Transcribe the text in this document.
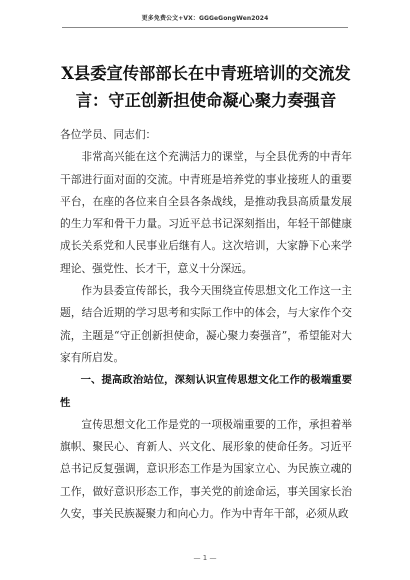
更多免费公文+VX：GGGeGongWen2024
X县委宣传部部长在中青班培训的交流发言：守正创新担使命凝心聚力奏强音

各位学员、同志们：

非常高兴能在这个充满活力的课堂，与全县优秀的中青年干部进行面对面的交流。中青班是培养党的事业接班人的重要平台，在座的各位来自全县各条战线，是推动我县高质量发展的生力军和骨干力量。习近平总书记深刻指出，年轻干部健康成长关系党和人民事业后继有人。这次培训，大家静下心来学理论、强党性、长才干，意义十分深远。

作为县委宣传部长，我今天围绕宣传思想文化工作这一主题，结合近期的学习思考和实际工作中的体会，与大家作个交流，主题是“守正创新担使命，凝心聚力奏强音”，希望能对大家有所启发。

一、提高政治站位，深刻认识宣传思想文化工作的极端重要性

宣传思想文化工作是党的一项极端重要的工作，承担着举旗帜、聚民心、育新人、兴文化、展形象的使命任务。习近平总书记反复强调，意识形态工作是为国家立心、为民族立魂的工作，做好意识形态工作，事关党的前途命运，事关国家长治久安，事关民族凝聚力和向心力。作为中青年干部，必须从政

— 1 —
